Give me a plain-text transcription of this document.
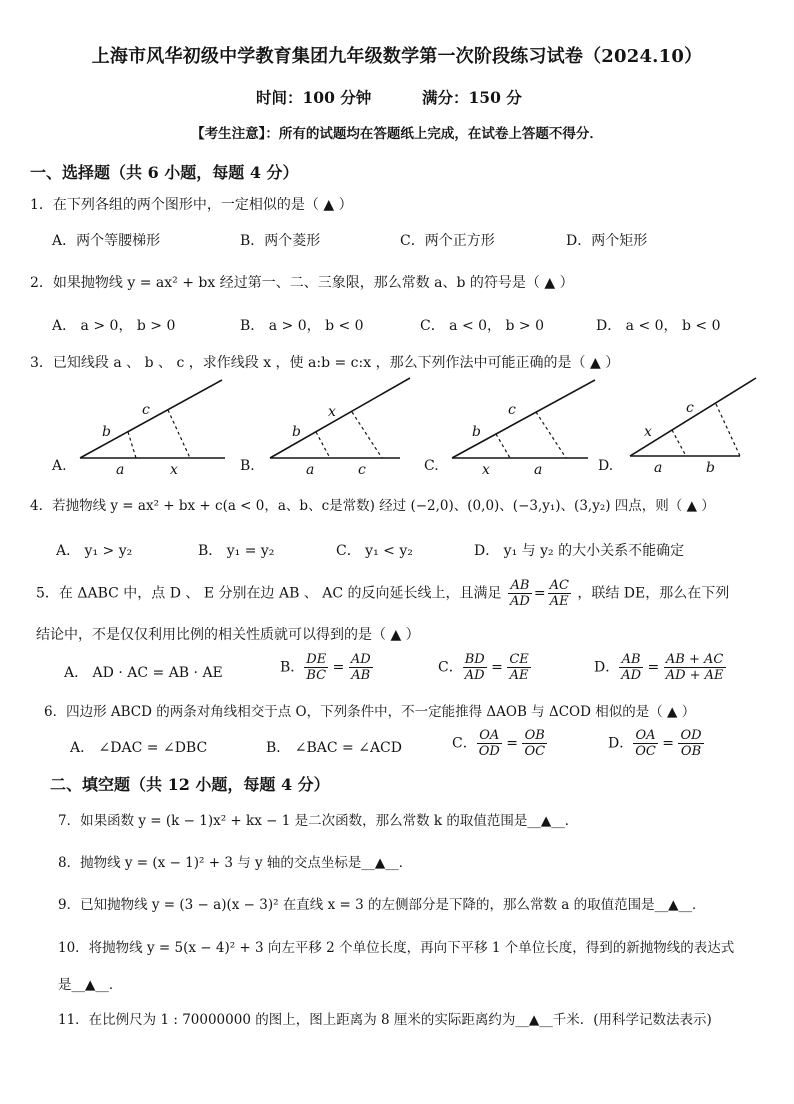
上海市风华初级中学教育集团九年级数学第一次阶段练习试卷（2024.10）
时间：100 分钟	满分：150 分
【考生注意】：所有的试题均在答题纸上完成，在试卷上答题不得分．
一、选择题（共 6 小题，每题 4 分）
1．在下列各组的两个图形中，一定相似的是（ ▲ ）
A．两个等腰梯形	B．两个菱形	C．两个正方形	D．两个矩形
2．如果抛物线 y = ax² + bx 经过第一、二、三象限，那么常数 a、b 的符号是（ ▲ ）
A． a > 0， b > 0	B． a > 0， b < 0	C． a < 0， b > 0	D． a < 0， b < 0
3．已知线段 a 、 b 、 c ，求作线段 x ，使 a:b = c:x ，那么下列作法中可能正确的是（ ▲ ）
A.
b
c
a	x	B.
b
x
a	c	C.
b
c
x	a	D.
x
c
a	b
4．若抛物线 y = ax² + bx + c(a < 0，a、b、c是常数) 经过 (−2,0)、(0,0)、(−3,y₁)、(3,y₂) 四点，则（ ▲ ）
A． y₁ > y₂	B． y₁ = y₂	C． y₁ < y₂	D． y₁ 与 y₂ 的大小关系不能确定
5．在 ΔABC 中，点 D 、 E 分别在边 AB 、 AC 的反向延长线上，且满足 $\frac{AB}{AD} = \frac{AC}{AE}$ ，联结 DE，那么在下列
结论中，不是仅仅利用比例的相关性质就可以得到的是（ ▲ ）
A． AD · AC = AB · AE	B． $\frac{DE}{BC} = \frac{AD}{AB}$	C． $\frac{BD}{AD} = \frac{CE}{AE}$	D． $\frac{AB}{AD} = \frac{AB + AC}{AD + AE}$
6．四边形 ABCD 的两条对角线相交于点 O，下列条件中，不一定能推得 ΔAOB 与 ΔCOD 相似的是（ ▲ ）
A． ∠DAC = ∠DBC	B． ∠BAC = ∠ACD	C． $\frac{OA}{OD} = \frac{OB}{OC}$	D． $\frac{OA}{OC} = \frac{OD}{OB}$
二、填空题（共 12 小题，每题 4 分）
7．如果函数 y = (k − 1)x² + kx − 1 是二次函数，那么常数 k 的取值范围是__▲__．
8．抛物线 y = (x − 1)² + 3 与 y 轴的交点坐标是__▲__．
9．已知抛物线 y = (3 − a)(x − 3)² 在直线 x = 3 的左侧部分是下降的，那么常数 a 的取值范围是__▲__．
10．将抛物线 y = 5(x − 4)² + 3 向左平移 2 个单位长度，再向下平移 1 个单位长度，得到的新抛物线的表达式
是__▲__．
11．在比例尺为 1 : 70000000 的图上，图上距离为 8 厘米的实际距离约为__▲__千米．(用科学记数法表示)
